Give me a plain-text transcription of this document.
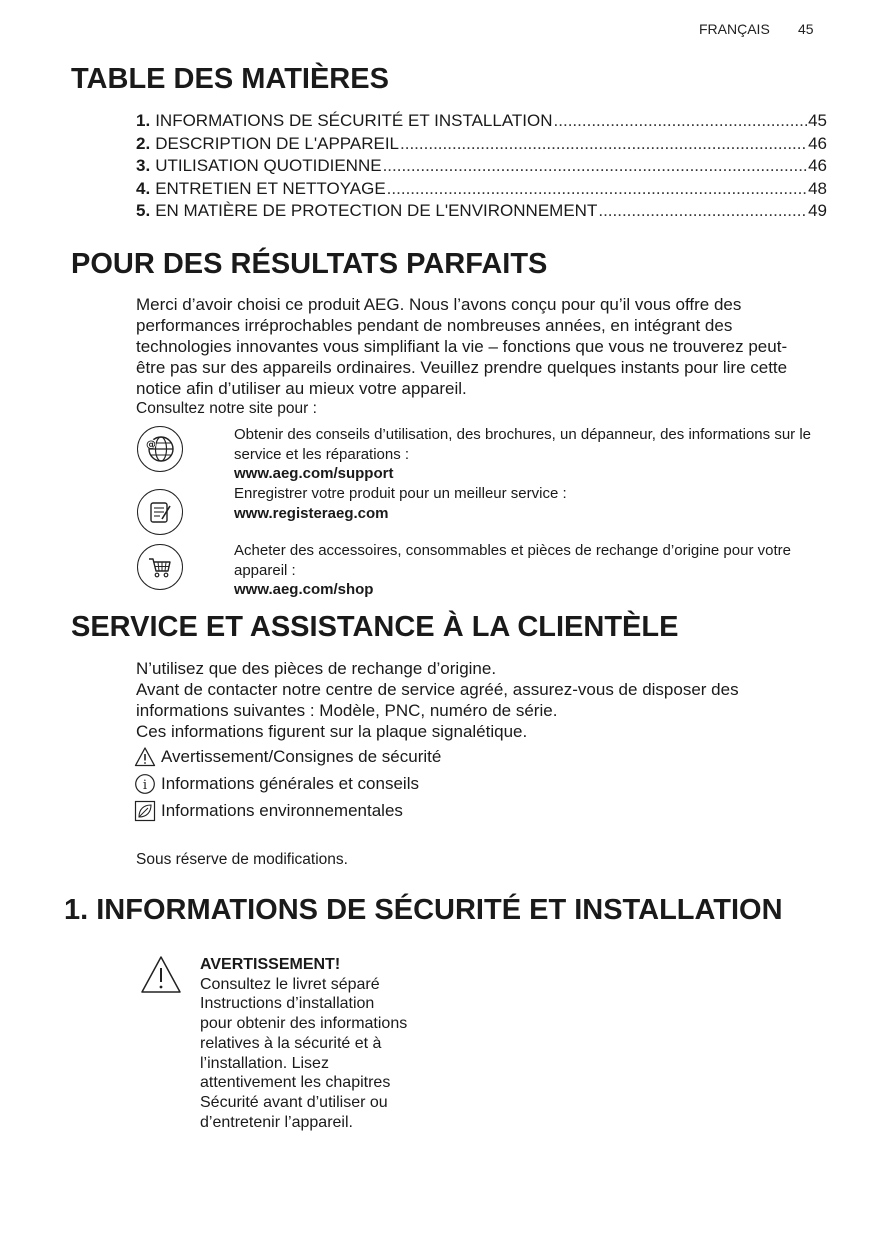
FRANÇAIS 45
TABLE DES MATIÈRES
1. INFORMATIONS DE SÉCURITÉ ET INSTALLATION .....	45
2. DESCRIPTION DE L'APPAREIL .....	46
3. UTILISATION QUOTIDIENNE .....	46
4. ENTRETIEN ET NETTOYAGE .....	48
5. EN MATIÈRE DE PROTECTION DE L'ENVIRONNEMENT .....	49
POUR DES RÉSULTATS PARFAITS
Merci d’avoir choisi ce produit AEG. Nous l’avons conçu pour qu’il vous offre des performances irréprochables pendant de nombreuses années, en intégrant des technologies innovantes vous simplifiant la vie – fonctions que vous ne trouverez peut-être pas sur des appareils ordinaires. Veuillez prendre quelques instants pour lire cette notice afin d’utiliser au mieux votre appareil.
Consultez notre site pour :
@
Obtenir des conseils d’utilisation, des brochures, un dépanneur, des informations sur le service et les réparations :
www.aeg.com/support
Enregistrer votre produit pour un meilleur service :
www.registeraeg.com
Acheter des accessoires, consommables et pièces de rechange d’origine pour votre appareil :
www.aeg.com/shop
SERVICE ET ASSISTANCE À LA CLIENTÈLE
N’utilisez que des pièces de rechange d’origine.
Avant de contacter notre centre de service agréé, assurez-vous de disposer des informations suivantes : Modèle, PNC, numéro de série.
Ces informations figurent sur la plaque signalétique.
Avertissement/Consignes de sécurité
i Informations générales et conseils
Informations environnementales
Sous réserve de modifications.
1. INFORMATIONS DE SÉCURITÉ ET INSTALLATION
AVERTISSEMENT!
Consultez le livret séparé Instructions d’installation pour obtenir des informations relatives à la sécurité et à l’installation. Lisez attentivement les chapitres Sécurité avant d’utiliser ou d’entretenir l’appareil.
